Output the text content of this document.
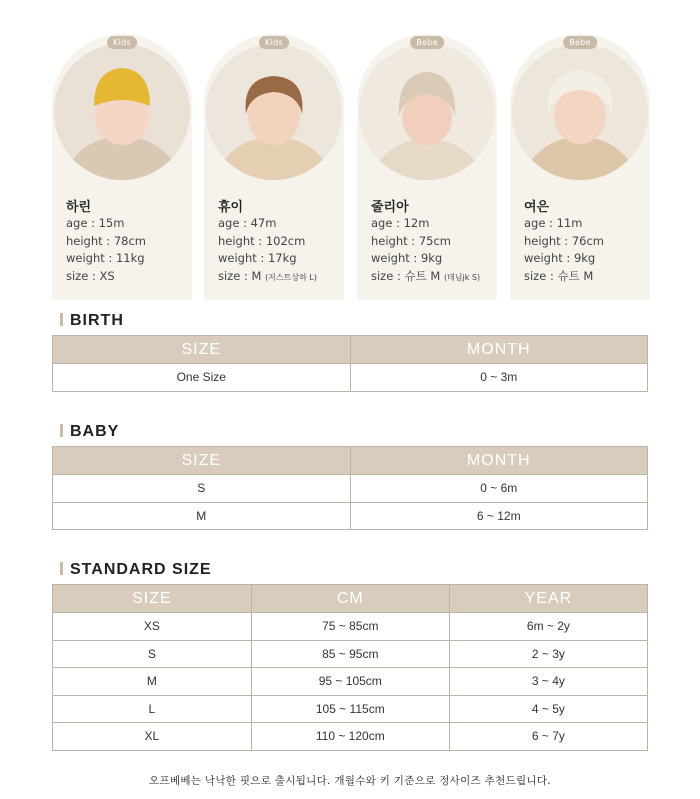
Kids
하린
age : 15m
height : 78cm
weight : 11kg
size : XS
Kids
휴이
age : 47m
height : 102cm
weight : 17kg
size : M (저스트상하 L)
Bebe
줄리아
age : 12m
height : 75cm
weight : 9kg
size : 슈트 M (데님jk S)
Bebe
여은
age : 11m
height : 76cm
weight : 9kg
size : 슈트 M
BIRTH
SIZE	MONTH
One Size	0 ~ 3m
BABY
SIZE	MONTH
S	0 ~ 6m
M	6 ~ 12m
STANDARD SIZE
SIZE	CM	YEAR
XS	75 ~ 85cm	6m ~ 2y
S	85 ~ 95cm	2 ~ 3y
M	95 ~ 105cm	3 ~ 4y
L	105 ~ 115cm	4 ~ 5y
XL	110 ~ 120cm	6 ~ 7y
오프베베는 낙낙한 핏으로 출시됩니다. 개월수와 키 기준으로 정사이즈 추천드립니다.
